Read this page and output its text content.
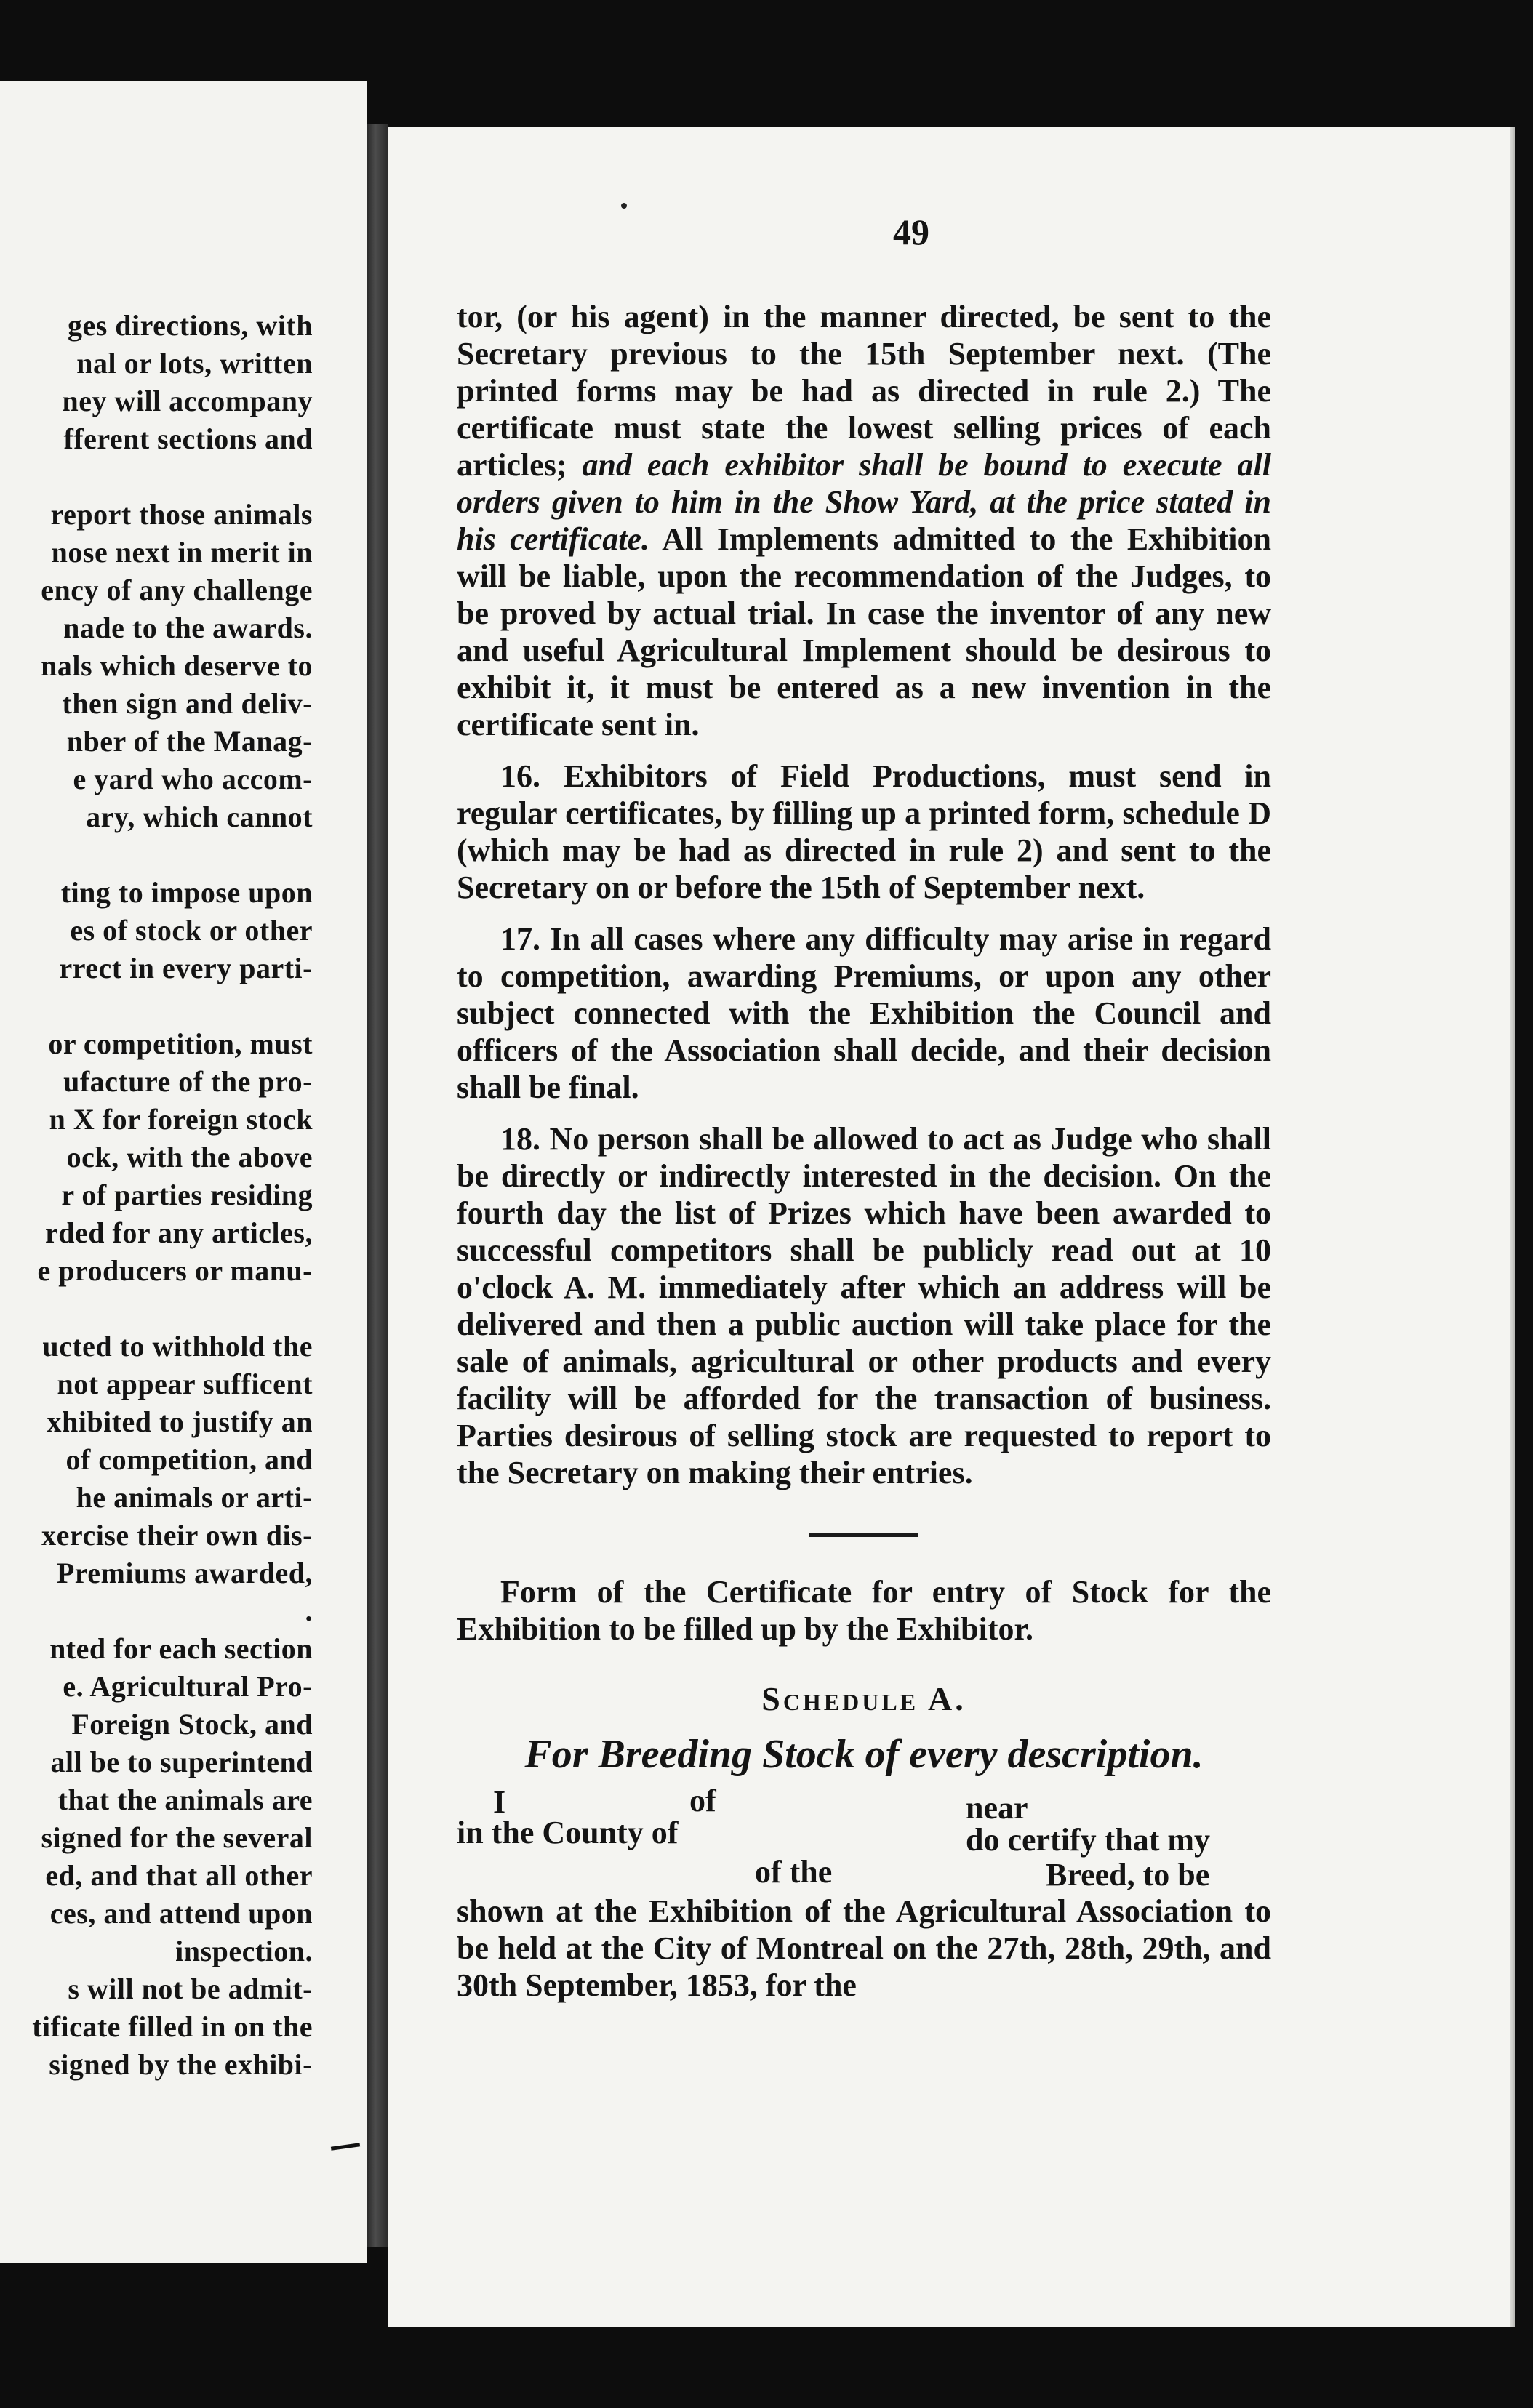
ges directions, with
nal or lots, written
ney will accompany
fferent sections and

report those animals
nose next in merit in
ency of any challenge
nade to the awards.
nals which deserve to
then sign and deliv-
nber of the Manag-
e yard who accom-
ary, which cannot

ting to impose upon
es of stock or other
rrect in every parti-

or competition, must
ufacture of the pro-
n X for foreign stock
ock, with the above
r of parties residing
rded for any articles,
e producers or manu-

ucted to withhold the
not appear sufficent
xhibited to justify an
of competition, and
he animals or arti-
xercise their own dis-
Premiums awarded,
.
nted for each section
e. Agricultural Pro-
Foreign Stock, and
all be to superintend
that the animals are
signed for the several
ed, and that all other
ces, and attend upon
inspection.
s will not be admit-
tificate filled in on the
signed by the exhibi-
49

tor, (or his agent) in the manner directed, be sent to the Secretary previous to the 15th September next. (The printed forms may be had as directed in rule 2.) The certificate must state the lowest selling prices of each articles; and each exhibitor shall be bound to execute all orders given to him in the Show Yard, at the price stated in his certificate. All Implements admitted to the Exhibition will be liable, upon the recommendation of the Judges, to be proved by actual trial. In case the inventor of any new and useful Agricultural Implement should be desirous to exhibit it, it must be entered as a new invention in the certificate sent in.

16. Exhibitors of Field Productions, must send in regular certificates, by filling up a printed form, schedule D (which may be had as directed in rule 2) and sent to the Secretary on or before the 15th of September next.

17. In all cases where any difficulty may arise in regard to competition, awarding Premiums, or upon any other subject connected with the Exhibition the Council and officers of the Association shall decide, and their decision shall be final.

18. No person shall be allowed to act as Judge who shall be directly or indirectly interested in the decision. On the fourth day the list of Prizes which have been awarded to successful competitors shall be publicly read out at 10 o'clock A. M. immediately after which an address will be delivered and then a public auction will take place for the sale of animals, agricultural or other products and every facility will be afforded for the transaction of business. Parties desirous of selling stock are requested to report to the Secretary on making their entries.

Form of the Certificate for entry of Stock for the Exhibition to be filled up by the Exhibitor.

Schedule A.
For Breeding Stock of every description.
I	of	near
in the County of	do certify that my
of the	Breed, to be

shown at the Exhibition of the Agricultural Association to be held at the City of Montreal on the 27th, 28th, 29th, and 30th September, 1853, for the
